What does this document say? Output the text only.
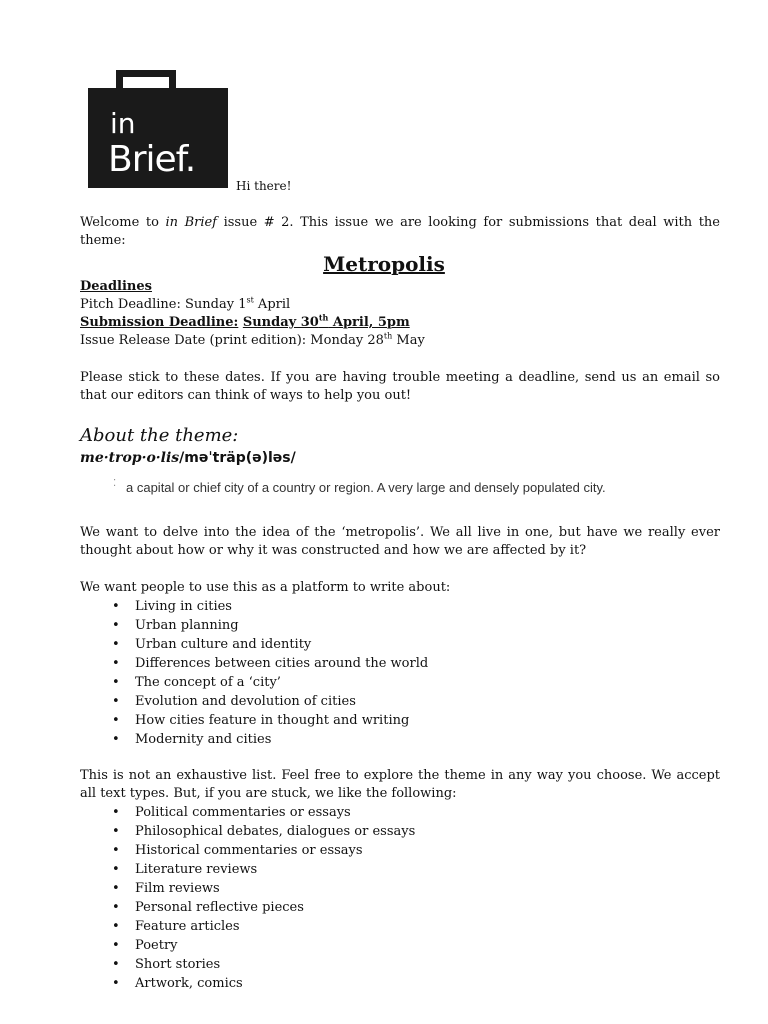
in
Brief.
Hi there!
Welcome to in Brief issue # 2. This issue we are looking for submissions that deal with the theme:
Metropolis
Deadlines
Pitch Deadline: Sunday 1st April
Submission Deadline: Sunday 30th April, 5pm
Issue Release Date (print edition): Monday 28th May
Please stick to these dates. If you are having trouble meeting a deadline, send us an email so that our editors can think of ways to help you out!
About the theme:
me·trop·o·lis/məˈträp(ə)ləs/
⁚ a capital or chief city of a country or region. A very large and densely populated city.
We want to delve into the idea of the ‘metropolis’. We all live in one, but have we really ever thought about how or why it was constructed and how we are affected by it?
We want people to use this as a platform to write about:
• Living in cities
• Urban planning
• Urban culture and identity
• Differences between cities around the world
• The concept of a ‘city’
• Evolution and devolution of cities
• How cities feature in thought and writing
• Modernity and cities
This is not an exhaustive list. Feel free to explore the theme in any way you choose. We accept all text types. But, if you are stuck, we like the following:
• Political commentaries or essays
• Philosophical debates, dialogues or essays
• Historical commentaries or essays
• Literature reviews
• Film reviews
• Personal reflective pieces
• Feature articles
• Poetry
• Short stories
• Artwork, comics
